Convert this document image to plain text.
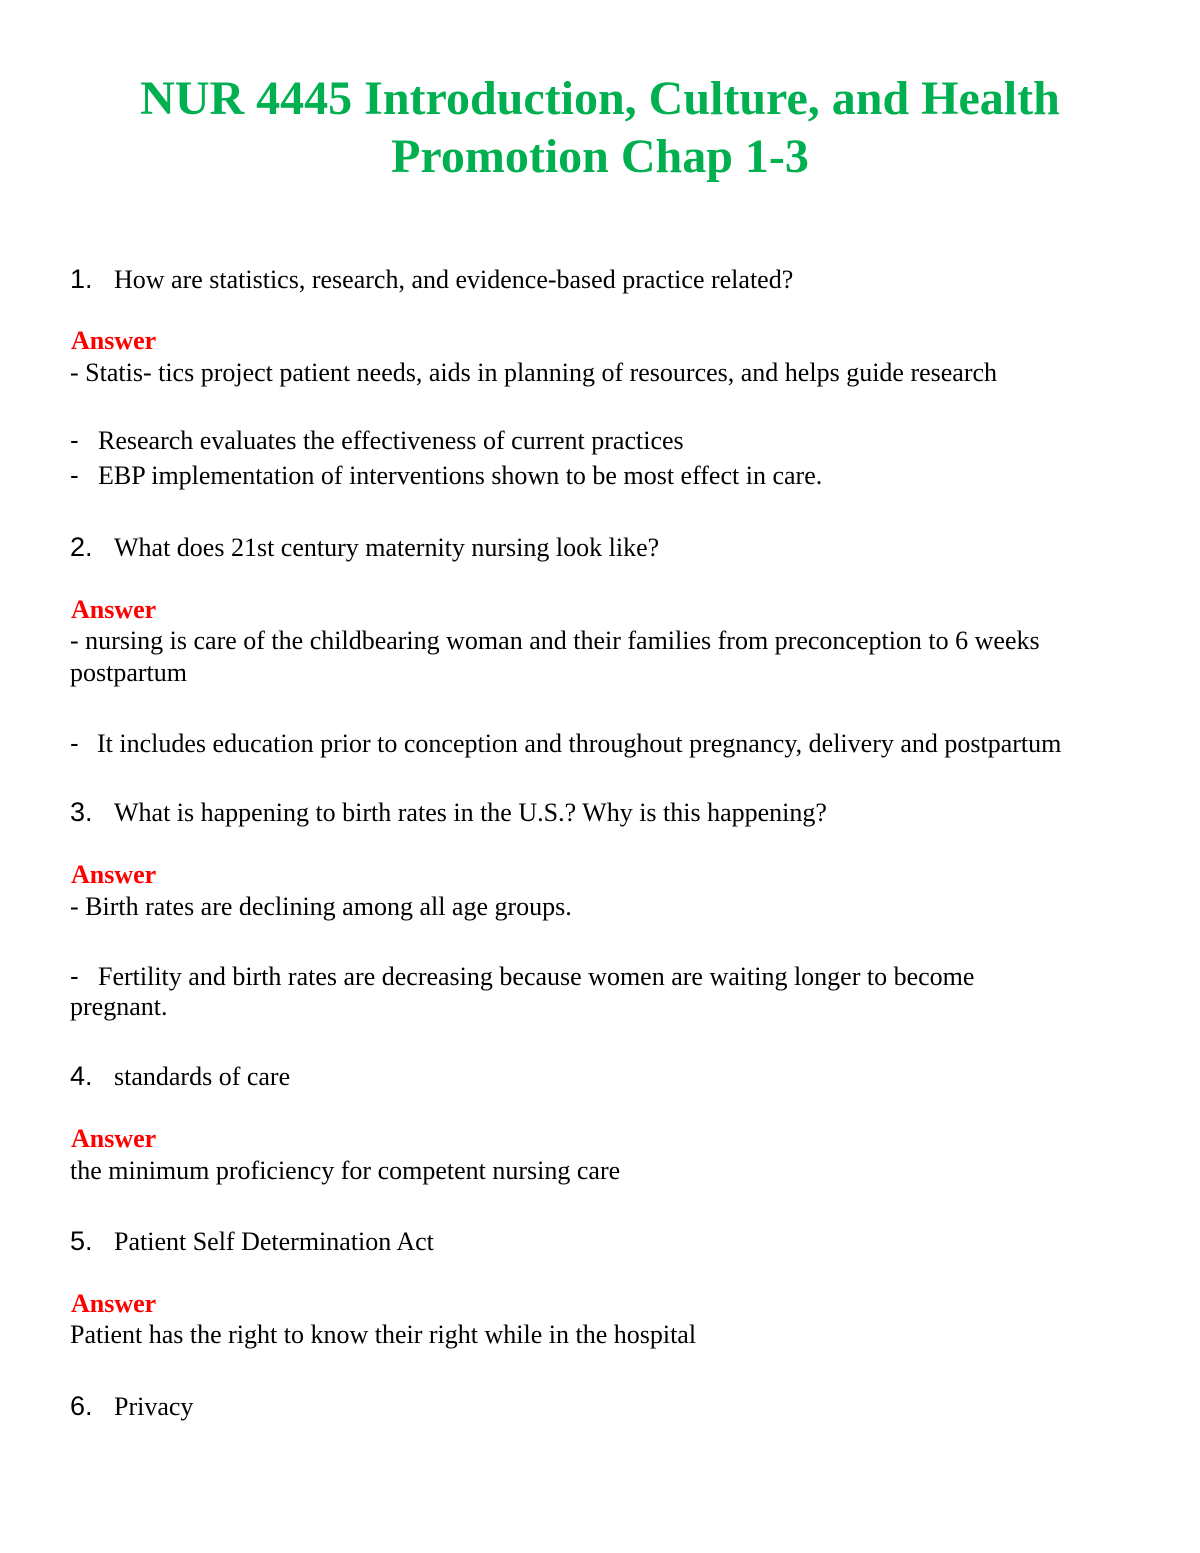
NUR 4445 Introduction, Culture, and Health
Promotion Chap 1-3
1. How are statistics, research, and evidence-based practice related?
Answer
- Statis- tics project patient needs, aids in planning of resources, and helps guide research
- Research evaluates the effectiveness of current practices
- EBP implementation of interventions shown to be most effect in care.
2. What does 21st century maternity nursing look like?
Answer
- nursing is care of the childbearing woman and their families from preconception to 6 weeks
postpartum
- It includes education prior to conception and throughout pregnancy, delivery and postpartum
3. What is happening to birth rates in the U.S.? Why is this happening?
Answer
- Birth rates are declining among all age groups.
- Fertility and birth rates are decreasing because women are waiting longer to become
pregnant.
4. standards of care
Answer
the minimum proficiency for competent nursing care
5. Patient Self Determination Act
Answer
Patient has the right to know their right while in the hospital
6. Privacy
